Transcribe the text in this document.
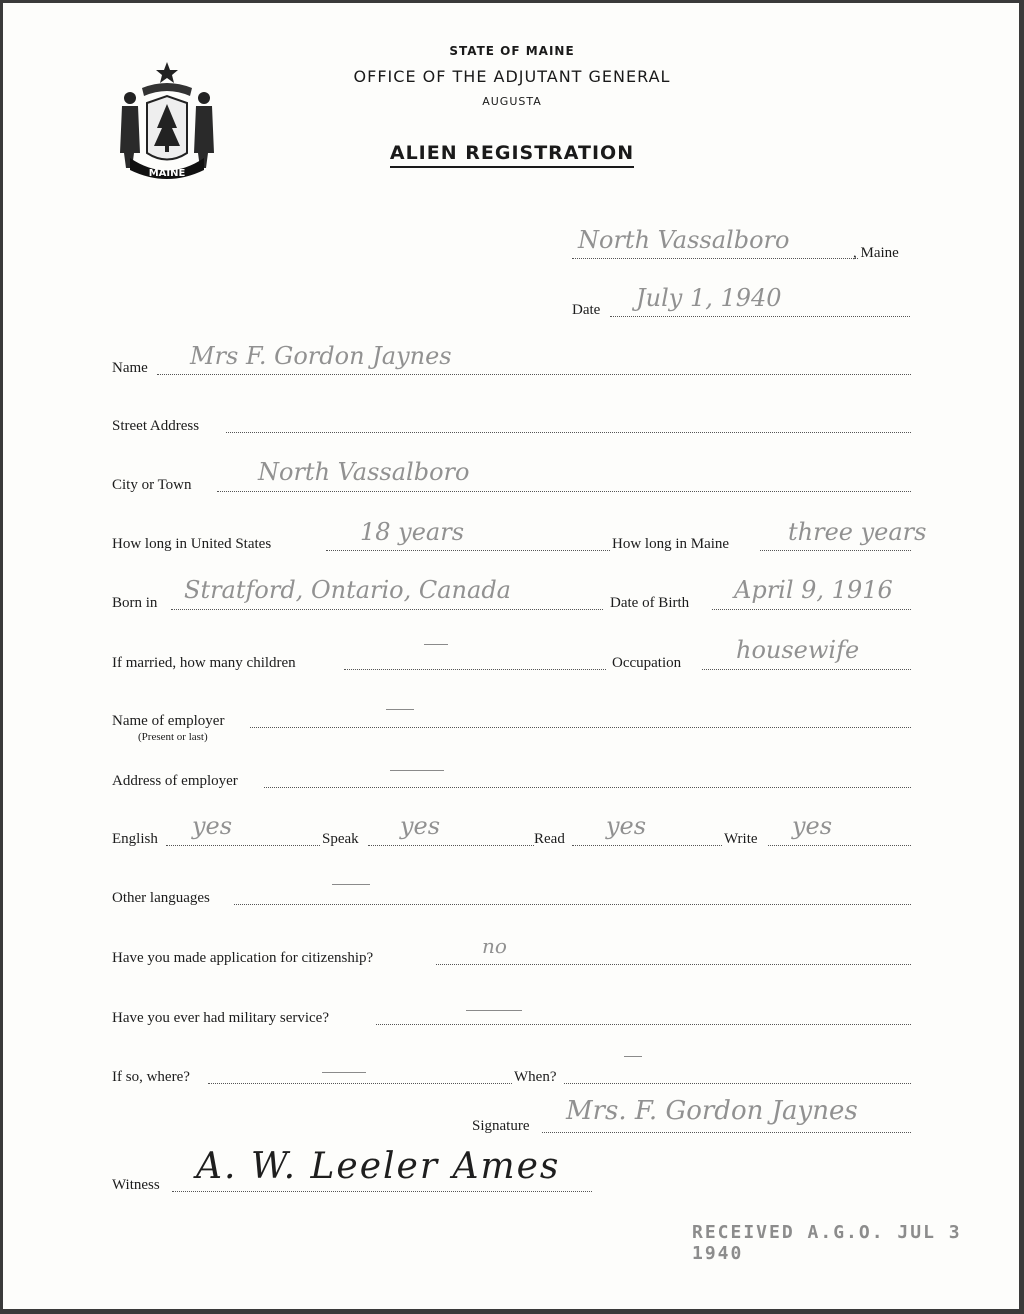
MAINE
STATE OF MAINE
OFFICE OF THE ADJUTANT GENERAL
AUGUSTA
ALIEN REGISTRATION
North Vassalboro	, Maine
Date July 1, 1940
Name Mrs F. Gordon Jaynes
Street Address
City or Town	North Vassalboro
How long in United States	18 years	How long in Maine three years
Born in Stratford, Ontario, Canada	Date of Birth April 9, 1916
If married, how many children	Occupation housewife
Name of employer
(Present or last)
Address of employer
English yes	Speak yes	Read yes	Write yes
Other languages
Have you made application for citizenship?	no
Have you ever had military service?
If so, where?	When?
Signature Mrs. F. Gordon Jaynes
Witness A. W. Leeler Ames
RECEIVED A.G.O. JUL 3 1940
